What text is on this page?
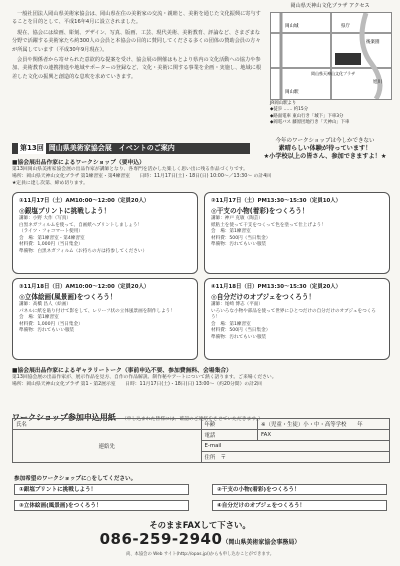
一般社団法人岡山県美術家協会は、岡山県在住の美術家の交流・親睦と、美術を通じた文化振興に寄与することを目的として、平成16年4月に設立されました。

現在、協会には絵画、彫刻、デザイン、写真、版画、工芸、現代美術、美術教育、評論など、さまざまな分野で活躍する美術家たち約300人の会員と本協会の目的に賛同してくださる多くの団体の賛助会員の方々が所属しています（平成30年9月現在）。

会員や関係者から寄せられた意欲的な提案を受け、協会展の開催はもとより県内の文化活動への協力や参加、美術教育の連携推進や地域サポーターの登録など、文化・美術に関する事業を企画・実施し、地域に根差した文化の振興と創造的な息吹を求めていきます。

岡山県天神山文化プラザ アクセス
岡山城	県庁
後楽園
旭川
岡山駅
岡山県天神山文化プラザ
JR岡山駅より
◆徒歩 …… 約15分
◆路面電車 東山行き「城下」下車3分
◆岡電バス 藤原団地行き「天神山」下車
第13回 岡山県美術家協会展　イベントのご案内
今年のワークショップは今しかできない
素晴らしい体験が待っています！
★小学校以上の皆さん、参加できますよ！★
■協会展出品作家によるワークショップ（要申込）
第13回岡山県美術家協会展の出品作家が講師となり、各専門を活かした楽しく思い出に残る作品づくりです。
場所：岡山県天神山文化プラザ 第1練習室・第4練習室　　日時：11月17日(土)・18日(日) 10:00〜／13:30〜 の計4回
★定員に達し次第、締め切ります。
①11月17日（土）AM10:00〜12:00（定員20人）
◎銀塩プリントに挑戦しよう！
講師：小野 大作（写真）
白黒ネガフィルムを使って、自画紙へプリントしましょう！
（ライツ・フォコマート使用）
会　場：第1練習室・第4練習室
材料費：1,000円（当日集金）
準備物：白黒ネガフィルム（お持ちの方は持参してください）
②11月17日（土）PM13:30〜15:30（定員10人）
◎干支の小物(着彩)をつくろう！
講師：神戸 克敏（陶芸）
紙粘土を使って干支をつくって色を塗って仕上げよう！
会　場：第1練習室
材料費：500円（当日集金）
準備物：汚れてもいい服装
③11月18日（日）AM10:00〜12:00（定員20人）
◎立体絵画(風景画)をつくろう！
講師：高橋 昌人（絵画）
パネルに紙を貼り付けて影をして、レリーフ状の立体風景画を制作しよう！
会　場：第1練習室
材料費：1,000円（当日集金）
準備物：汚れてもいい服装
④11月18日（日）PM13:30〜15:30（定員20人）
◎自分だけのオブジェをつくろう！
講師：尾崎 博志（平面）
いろいろな小物や部品を使って世界にひとつだけの自分だけのオブジェをつくろう！
会　場：第1練習室
材料費：500円（当日集金）
準備物：汚れてもいい服装
■協会展出品作家によるギャラリートーク（事前申込不要、参加費無料、会場集合）
第13回協会展の出品作家が、展示作品を見方、自作の作品解説、制作秘やアートについて熱く語ります。ご来場ください。
場所：岡山県天神山文化プラザ 第1・第2展示室　　日時：11月17日(土)・18日(日) 13:00〜（約20分間）の計2回
ワークショップ参加申込用紙 （申し込まれた皆様には、確認のご連絡をさせていただきます。）
氏名	年齢	※（児童・生徒）小・中・高等学校　　年
連絡先	電話	FAX
	E-mail	
	住所　〒	
参加希望のワークショップに○をしてください。
①銀塩プリントに挑戦しよう！	②干支の小物(着彩)をつくろう！
③立体絵画(風景画)をつくろう！	④自分だけのオブジェをつくろう！
そのままFAXして下さい。
086-259-2940（岡山県美術家協会事務局）
尚、本協会の Web サイト(http://opas.jp/)からも申し込むことができます。
